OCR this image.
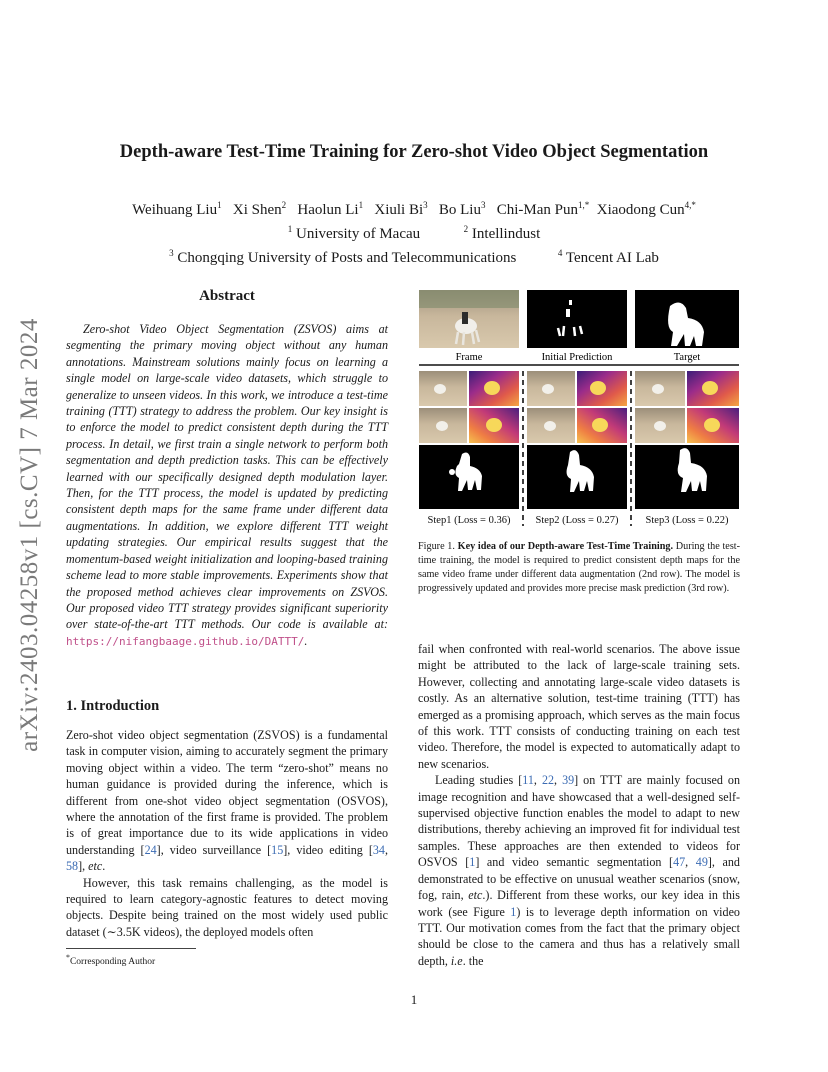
arXiv:2403.04258v1 [cs.CV] 7 Mar 2024
Depth-aware Test-Time Training for Zero-shot Video Object Segmentation
Weihuang Liu$^1$ Xi Shen$^2$ Haolun Li$^1$ Xiuli Bi$^3$ Bo Liu$^3$ Chi-Man Pun$^{1,*}$ Xiaodong Cun$^{4,*}$
$^1$ University of Macau	$^2$ Intellindust
$^3$ Chongqing University of Posts and Telecommunications	$^4$ Tencent AI Lab
Abstract
Zero-shot Video Object Segmentation (ZSVOS) aims at segmenting the primary moving object without any human annotations. Mainstream solutions mainly focus on learning a single model on large-scale video datasets, which struggle to generalize to unseen videos. In this work, we introduce a test-time training (TTT) strategy to address the problem. Our key insight is to enforce the model to predict consistent depth during the TTT process. In detail, we first train a single network to perform both segmentation and depth prediction tasks. This can be effectively learned with our specifically designed depth modulation layer. Then, for the TTT process, the model is updated by predicting consistent depth maps for the same frame under different data augmentations. In addition, we explore different TTT weight updating strategies. Our empirical results suggest that the momentum-based weight initialization and looping-based training scheme lead to more stable improvements. Experiments show that the proposed method achieves clear improvements on ZSVOS. Our proposed video TTT strategy provides significant superiority over state-of-the-art TTT methods. Our code is available at: https://nifangbaage.github.io/DATTT/.
1. Introduction

Zero-shot video object segmentation (ZSVOS) is a fundamental task in computer vision, aiming to accurately segment the primary moving object within a video. The term “zero-shot” means no human guidance is provided during the inference, which is different from one-shot video object segmentation (OSVOS), where the annotation of the first frame is provided. The problem is of great importance due to its wide applications in video understanding [24], video surveillance [15], video editing [34, 58], etc.

However, this task remains challenging, as the model is required to learn category-agnostic features to detect moving objects. Despite being trained on the most widely used public dataset (∼3.5K videos), the deployed models often

fail when confronted with real-world scenarios. The above issue might be attributed to the lack of large-scale training sets. However, collecting and annotating large-scale video datasets is costly. As an alternative solution, test-time training (TTT) has emerged as a promising approach, which serves as the main focus of this work. TTT consists of conducting training on each test video. Therefore, the model is expected to automatically adapt to new scenarios.

Leading studies [11, 22, 39] on TTT are mainly focused on image recognition and have showcased that a well-designed self-supervised objective function enables the model to adapt to new distributions, thereby achieving an improved fit for individual test samples. These approaches are then extended to videos for OSVOS [1] and video semantic segmentation [47, 49], and demonstrated to be effective on unusual weather scenarios (snow, fog, rain, etc.). Different from these works, our key idea in this work (see Figure 1) is to leverage depth information on video TTT. Our motivation comes from the fact that the primary object should be close to the camera and thus has a relatively small depth, i.e. the

*Corresponding Author
1
Frame	Initial Prediction	Target
Step1 (Loss = 0.36) Step2 (Loss = 0.27)	Step3 (Loss = 0.22)
Figure 1. Key idea of our Depth-aware Test-Time Training. During the test-time training, the model is required to predict consistent depth maps for the same video frame under different data augmentation (2nd row). The model is progressively updated and provides more precise mask prediction (3rd row).
